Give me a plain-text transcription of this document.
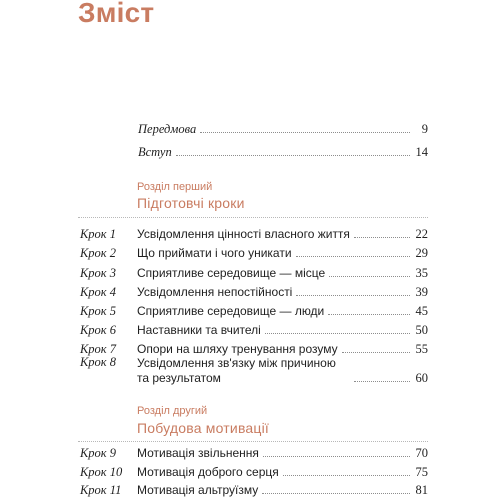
Зміст
Передмова	9
Вступ	14
Розділ перший
Підготовчі кроки
Крок 1 Усвідомлення цінності власного життя	22
Крок 2 Що приймати і чого уникати	29
Крок 3 Сприятливе середовище — місце	35
Крок 4 Усвідомлення непостійності	39
Крок 5 Сприятливе середовище — люди	45
Крок 6 Наставники та вчителі	50
Крок 7 Опори на шляху тренування розуму	55
Крок 8 Усвідомлення зв'язку між причиною
та результатом	60
Розділ другий
Побудова мотивації
Крок 9 Мотивація звільнення	70
Крок 10 Мотивація доброго серця	75
Крок 11 Мотивація альтруїзму	81
